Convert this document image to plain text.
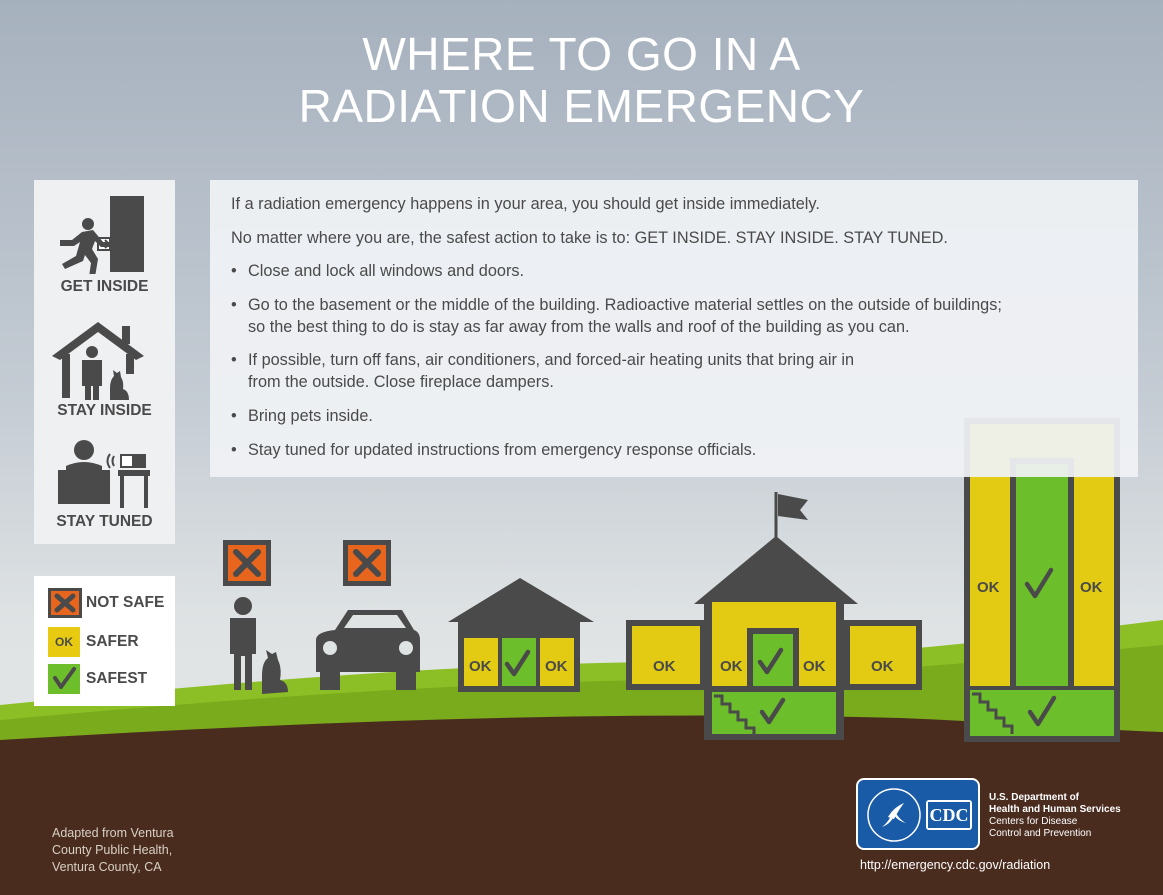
OK	OK	OK	OK	OK	OK
OK	OK
WHERE TO GO IN A
RADIATION EMERGENCY
GET INSIDE
STAY INSIDE
STAY TUNED
NOT SAFE
OK SAFER
SAFEST

If a radiation emergency happens in your area, you should get inside immediately.

No matter where you are, the safest action to take is to: GET INSIDE. STAY INSIDE. STAY TUNED.

• Close and lock all windows and doors.
• Go to the basement or the middle of the building. Radioactive material settles on the outside of buildings;
so the best thing to do is stay as far away from the walls and roof of the building as you can.
• If possible, turn off fans, air conditioners, and forced-air heating units that bring air in
from the outside. Close fireplace dampers.
• Bring pets inside.
• Stay tuned for updated instructions from emergency response officials.
Adapted from Ventura
County Public Health,
Ventura County, CA
CDC
U.S. Department of
Health and Human Services
Centers for Disease
Control and Prevention
http://emergency.cdc.gov/radiation
